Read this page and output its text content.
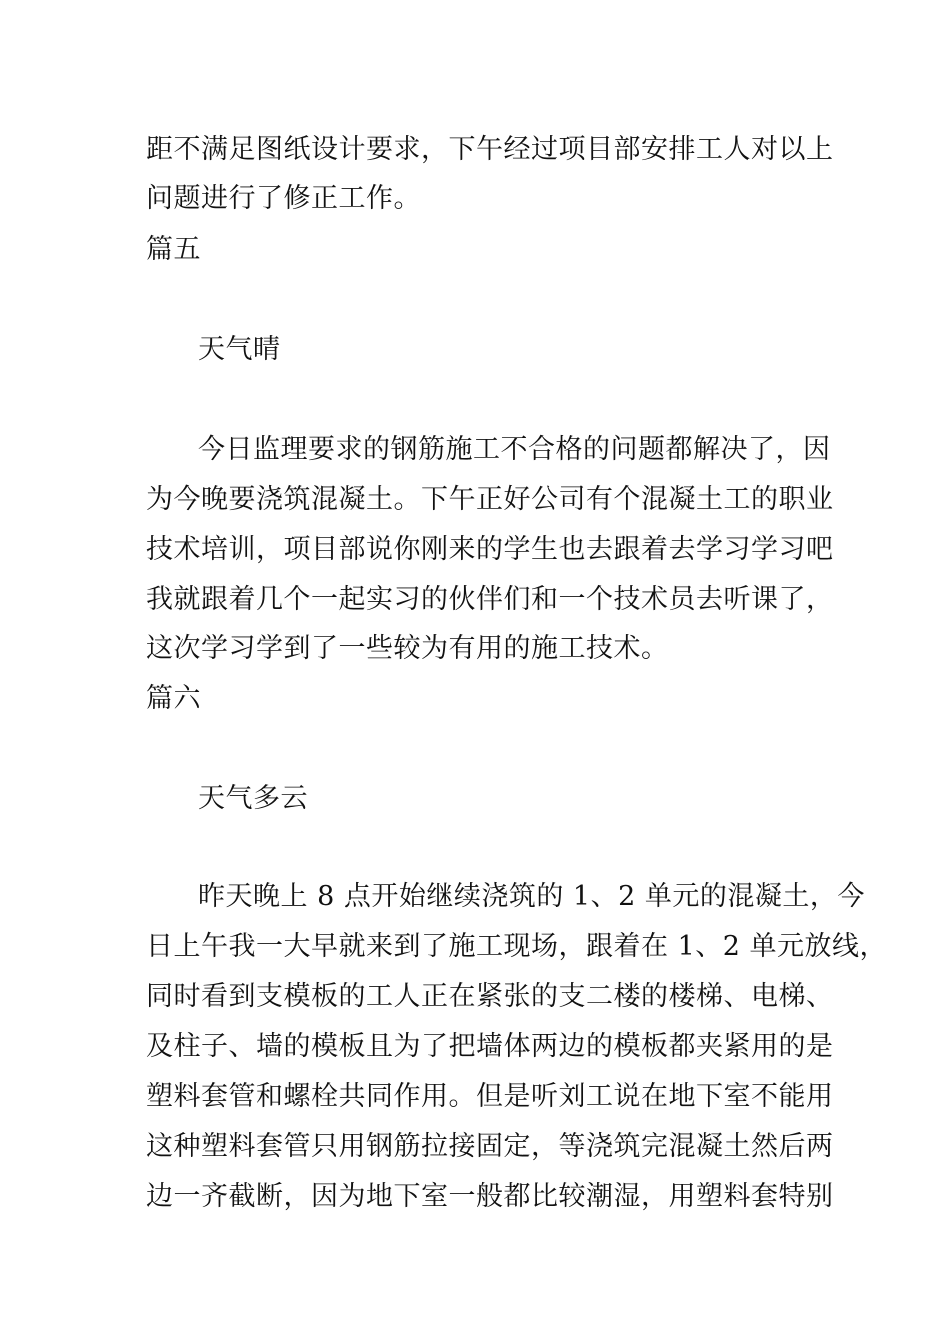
距不满足图纸设计要求，下午经过项目部安排工人对以上
问题进行了修正工作。
篇五
天气晴
今日监理要求的钢筋施工不合格的问题都解决了，因
为今晚要浇筑混凝土。下午正好公司有个混凝土工的职业
技术培训，项目部说你刚来的学生也去跟着去学习学习吧
我就跟着几个一起实习的伙伴们和一个技术员去听课了，
这次学习学到了一些较为有用的施工技术。
篇六
天气多云
昨天晚上 8 点开始继续浇筑的 1、2 单元的混凝土，今
日上午我一大早就来到了施工现场，跟着在 1、2 单元放线，
同时看到支模板的工人正在紧张的支二楼的楼梯、电梯、
及柱子、墙的模板且为了把墙体两边的模板都夹紧用的是
塑料套管和螺栓共同作用。但是听刘工说在地下室不能用
这种塑料套管只用钢筋拉接固定，等浇筑完混凝土然后两
边一齐截断，因为地下室一般都比较潮湿，用塑料套特别
